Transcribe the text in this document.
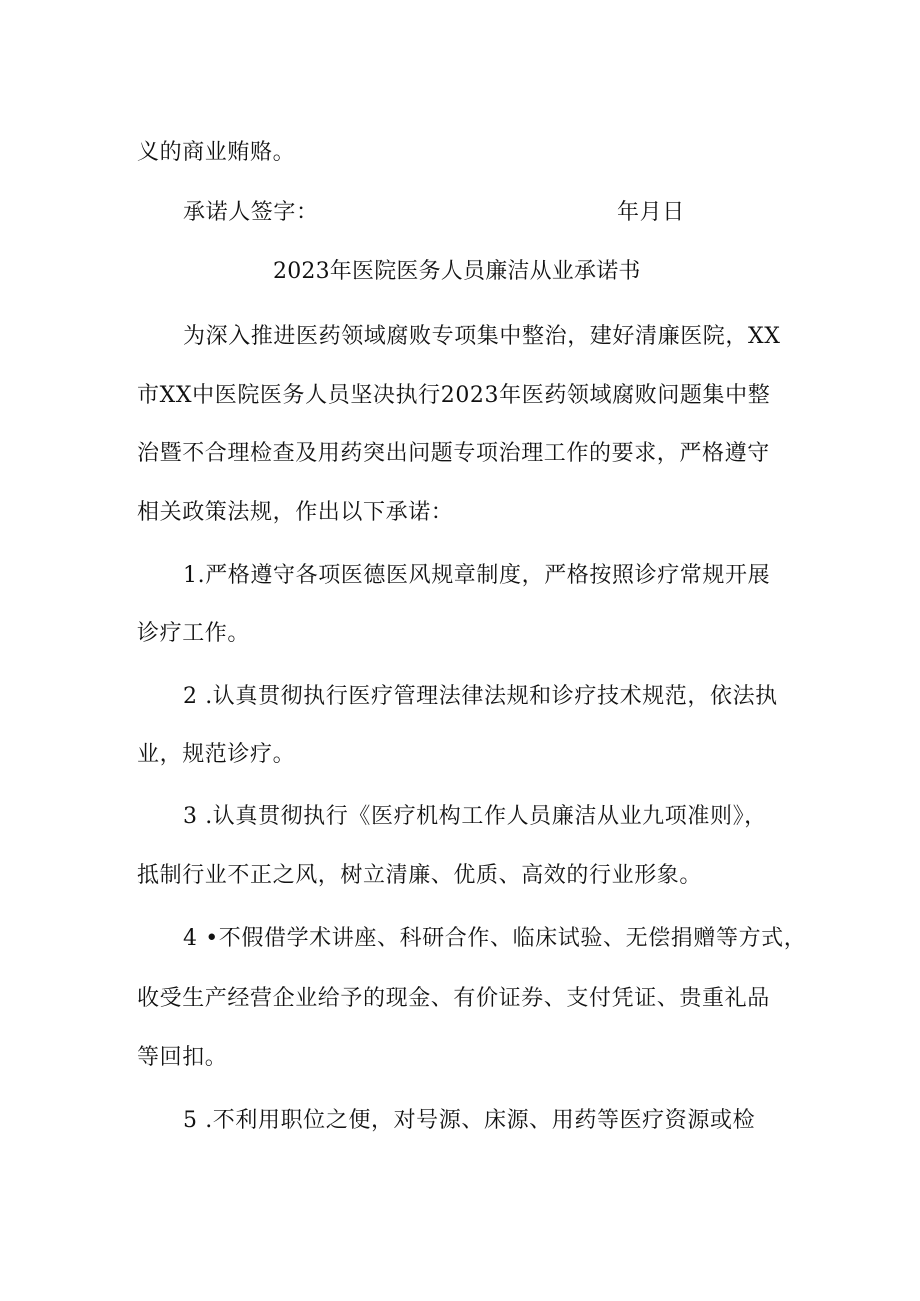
义的商业贿赂。
承诺人签字：	年月日
2023年医院医务人员廉洁从业承诺书
为深入推进医药领域腐败专项集中整治，建好清廉医院，XX
市XX中医院医务人员坚决执行2023年医药领域腐败问题集中整
治暨不合理检查及用药突出问题专项治理工作的要求，严格遵守
相关政策法规，作出以下承诺：
1.严格遵守各项医德医风规章制度，严格按照诊疗常规开展
诊疗工作。
2 .认真贯彻执行医疗管理法律法规和诊疗技术规范，依法执
业，规范诊疗。
3 .认真贯彻执行《医疗机构工作人员廉洁从业九项准则》，
抵制行业不正之风，树立清廉、优质、高效的行业形象。
4 •不假借学术讲座、科研合作、临床试验、无偿捐赠等方式，
收受生产经营企业给予的现金、有价证券、支付凭证、贵重礼品
等回扣。
5 .不利用职位之便，对号源、床源、用药等医疗资源或检
